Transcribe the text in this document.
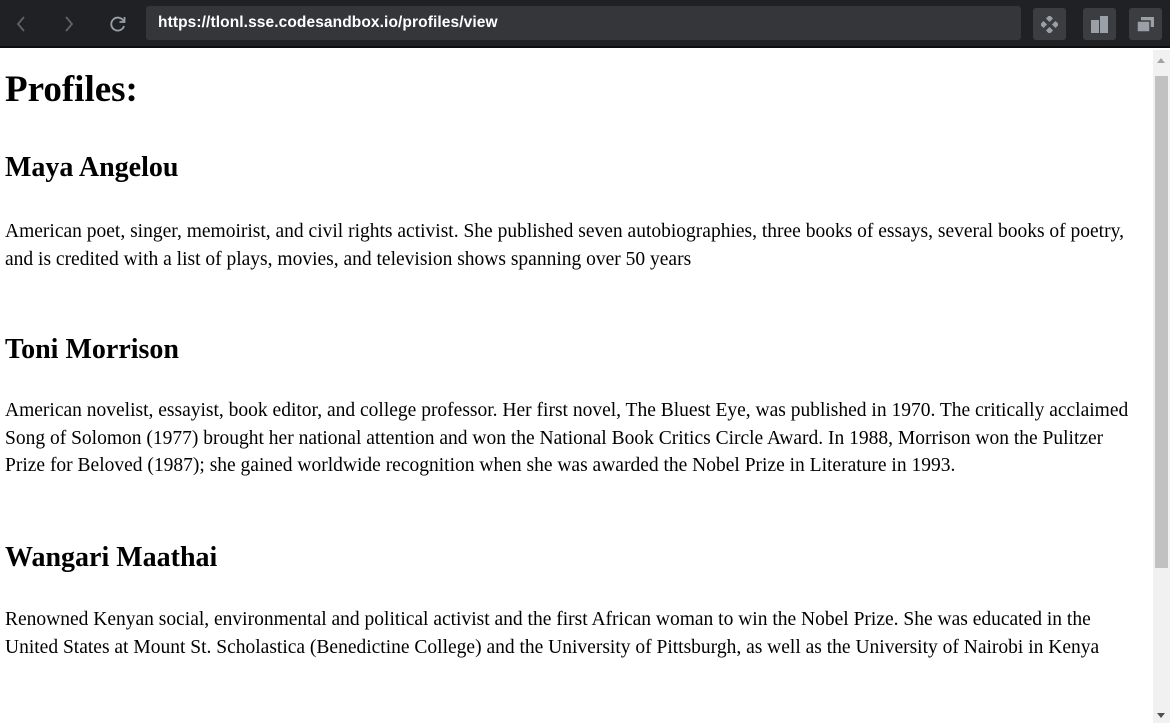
https://tlonl.sse.codesandbox.io/profiles/view
Profiles:
Maya Angelou

American poet, singer, memoirist, and civil rights activist. She published seven autobiographies, three books of essays, several books of poetry, and is credited with a list of plays, movies, and television shows spanning over 50 years

Toni Morrison

American novelist, essayist, book editor, and college professor. Her first novel, The Bluest Eye, was published in 1970. The critically acclaimed Song of Solomon (1977) brought her national attention and won the National Book Critics Circle Award. In 1988, Morrison won the Pulitzer Prize for Beloved (1987); she gained worldwide recognition when she was awarded the Nobel Prize in Literature in 1993.

Wangari Maathai

Renowned Kenyan social, environmental and political activist and the first African woman to win the Nobel Prize. She was educated in the United States at Mount St. Scholastica (Benedictine College) and the University of Pittsburgh, as well as the University of Nairobi in Kenya
